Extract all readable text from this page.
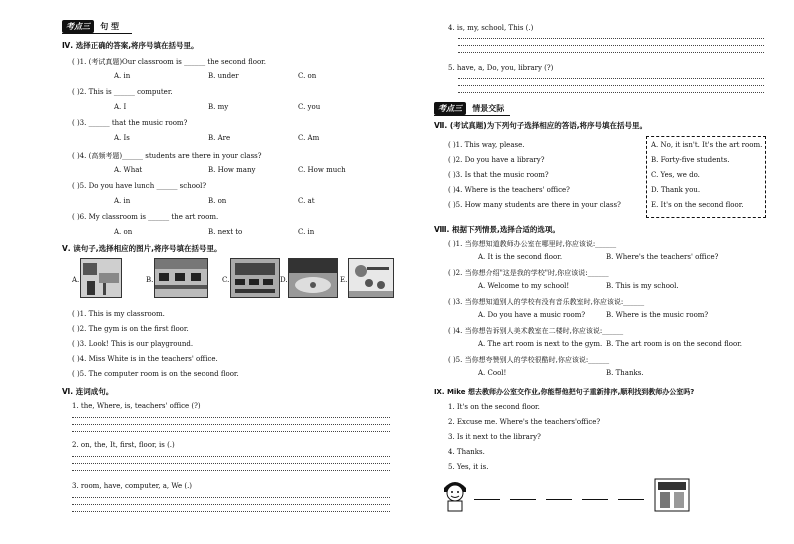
考点三 句 型
Ⅳ. 选择正确的答案,将序号填在括号里。
( )1. (考试真题)Our classroom is ______ the second floor.
A. in	B. under	C. on
( )2. This is ______ computer.
A. I	B. my	C. you
( )3. ______ that the music room?
A. Is	B. Are	C. Am
( )4. (高频考题)______ students are there in your class?
A. What	B. How many	C. How much
( )5. Do you have lunch ______ school?
A. in	B. on	C. at
( )6. My classroom is ______ the art room.
A. on	B. next to	C. in
Ⅴ. 读句子,选择相应的图片,将序号填在括号里。
A.	B.	C.	D.	E.
( )1. This is my classroom.
( )2. The gym is on the first floor.
( )3. Look! This is our playground.
( )4. Miss White is in the teachers' office.
( )5. The computer room is on the second floor.
Ⅵ. 连词成句。
1. the, Where, is, teachers' office (?)
2. on, the, It, first, floor, is (.)
3. room, have, computer, a, We (.)
4. is, my, school, This (.)
5. have, a, Do, you, library (?)
考点三 情景交际
Ⅶ. (考试真题)为下列句子选择相应的答语,将序号填在括号里。
( )1. This way, please.
( )2. Do you have a library?
( )3. Is that the music room?
( )4. Where is the teachers' office?
( )5. How many students are there in your class?
A. No, it isn't. It's the art room.
B. Forty-five students.
C. Yes, we do.
D. Thank you.
E. It's on the second floor.
Ⅷ. 根据下列情景,选择合适的选项。
( )1. 当你想知道教师办公室在哪里时,你应该说:______
A. It is the second floor.	B. Where's the teachers' office?
( )2. 当你想介绍"这是我的学校"时,你应该说:______
A. Welcome to my school!	B. This is my school.
( )3. 当你想知道别人的学校有没有音乐教室时,你应该说:______
A. Do you have a music room?	B. Where is the music room?
( )4. 当你想告诉别人美术教室在二楼时,你应该说:______
A. The art room is next to the gym. B. The art room is on the second floor.
( )5. 当你想夸赞别人的学校很酷时,你应该说:______
A. Cool!	B. Thanks.
Ⅸ. Mike 想去教师办公室交作业,你能帮他把句子重新排序,顺利找到教师办公室吗?
1. It's on the second floor.
2. Excuse me. Where's the teachers'office?
3. Is it next to the library?
4. Thanks.
5. Yes, it is.
